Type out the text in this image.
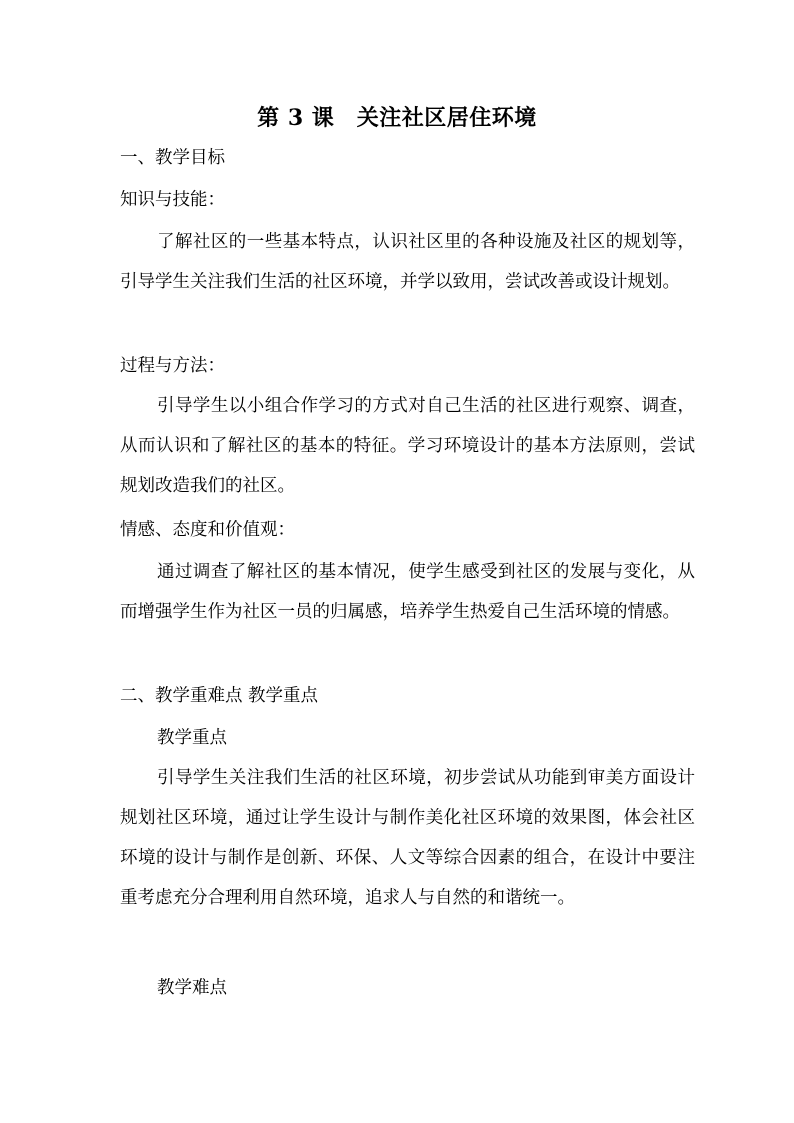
第 3 课　关注社区居住环境

一、教学目标

知识与技能：

了解社区的一些基本特点，认识社区里的各种设施及社区的规划等，引导学生关注我们生活的社区环境，并学以致用，尝试改善或设计规划。

过程与方法：

引导学生以小组合作学习的方式对自己生活的社区进行观察、调查，从而认识和了解社区的基本的特征。学习环境设计的基本方法原则，尝试规划改造我们的社区。

情感、态度和价值观：

通过调查了解社区的基本情况，使学生感受到社区的发展与变化，从而增强学生作为社区一员的归属感，培养学生热爱自己生活环境的情感。

二、教学重难点 教学重点

教学重点

引导学生关注我们生活的社区环境，初步尝试从功能到审美方面设计规划社区环境，通过让学生设计与制作美化社区环境的效果图，体会社区环境的设计与制作是创新、环保、人文等综合因素的组合，在设计中要注重考虑充分合理利用自然环境，追求人与自然的和谐统一。

教学难点
